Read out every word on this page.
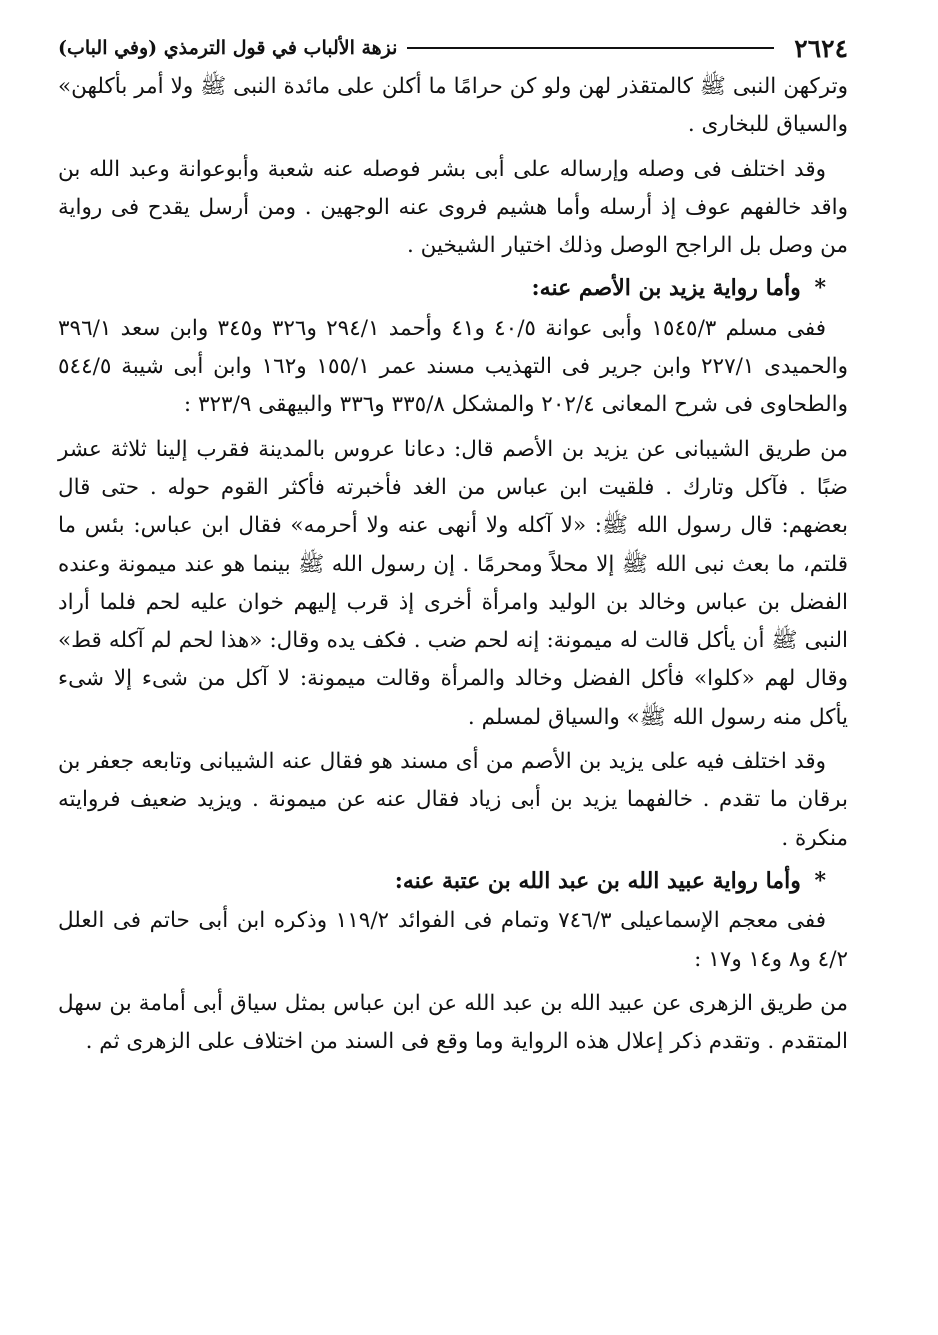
٢٦٢٤
نزهة الألباب في قول الترمذي (وفي الباب)

وتركهن النبى ﷺ كالمتقذر لهن ولو كن حرامًا ما أكلن على مائدة النبى ﷺ ولا أمر بأكلهن» والسياق للبخارى .

وقد اختلف فى وصله وإرساله على أبى بشر فوصله عنه شعبة وأبوعوانة وعبد الله بن واقد خالفهم عوف إذ أرسله وأما هشيم فروى عنه الوجهين . ومن أرسل يقدح فى رواية من وصل بل الراجح الوصل وذلك اختيار الشيخين .

* وأما رواية يزيد بن الأصم عنه:

ففى مسلم ١٥٤٥/٣ وأبى عوانة ٤٠/٥ و٤١ وأحمد ٢٩٤/١ و٣٢٦ و٣٤٥ وابن سعد ٣٩٦/١ والحميدى ٢٢٧/١ وابن جرير فى التهذيب مسند عمر ١٥٥/١ و١٦٢ وابن أبى شيبة ٥٤٤/٥ والطحاوى فى شرح المعانى ٢٠٢/٤ والمشكل ٣٣٥/٨ و٣٣٦ والبيهقى ٣٢٣/٩ :

من طريق الشيبانى عن يزيد بن الأصم قال: دعانا عروس بالمدينة فقرب إلينا ثلاثة عشر ضبًا . فآكل وتارك . فلقيت ابن عباس من الغد فأخبرته فأكثر القوم حوله . حتى قال بعضهم: قال رسول الله ﷺ: «لا آكله ولا أنهى عنه ولا أحرمه» فقال ابن عباس: بئس ما قلتم، ما بعث نبى الله ﷺ إلا محلاً ومحرمًا . إن رسول الله ﷺ بينما هو عند ميمونة وعنده الفضل بن عباس وخالد بن الوليد وامرأة أخرى إذ قرب إليهم خوان عليه لحم فلما أراد النبى ﷺ أن يأكل قالت له ميمونة: إنه لحم ضب . فكف يده وقال: «هذا لحم لم آكله قط» وقال لهم «كلوا» فأكل الفضل وخالد والمرأة وقالت ميمونة: لا آكل من شىء إلا شىء يأكل منه رسول الله ﷺ» والسياق لمسلم .

وقد اختلف فيه على يزيد بن الأصم من أى مسند هو فقال عنه الشيبانى وتابعه جعفر بن برقان ما تقدم . خالفهما يزيد بن أبى زياد فقال عنه عن ميمونة . ويزيد ضعيف فروايته منكرة .

* وأما رواية عبيد الله بن عبد الله بن عتبة عنه:

ففى معجم الإسماعيلى ٧٤٦/٣ وتمام فى الفوائد ١١٩/٢ وذكره ابن أبى حاتم فى العلل ٤/٢ و٨ و١٤ و١٧ :

من طريق الزهرى عن عبيد الله بن عبد الله عن ابن عباس بمثل سياق أبى أمامة بن سهل المتقدم . وتقدم ذكر إعلال هذه الرواية وما وقع فى السند من اختلاف على الزهرى ثم .
